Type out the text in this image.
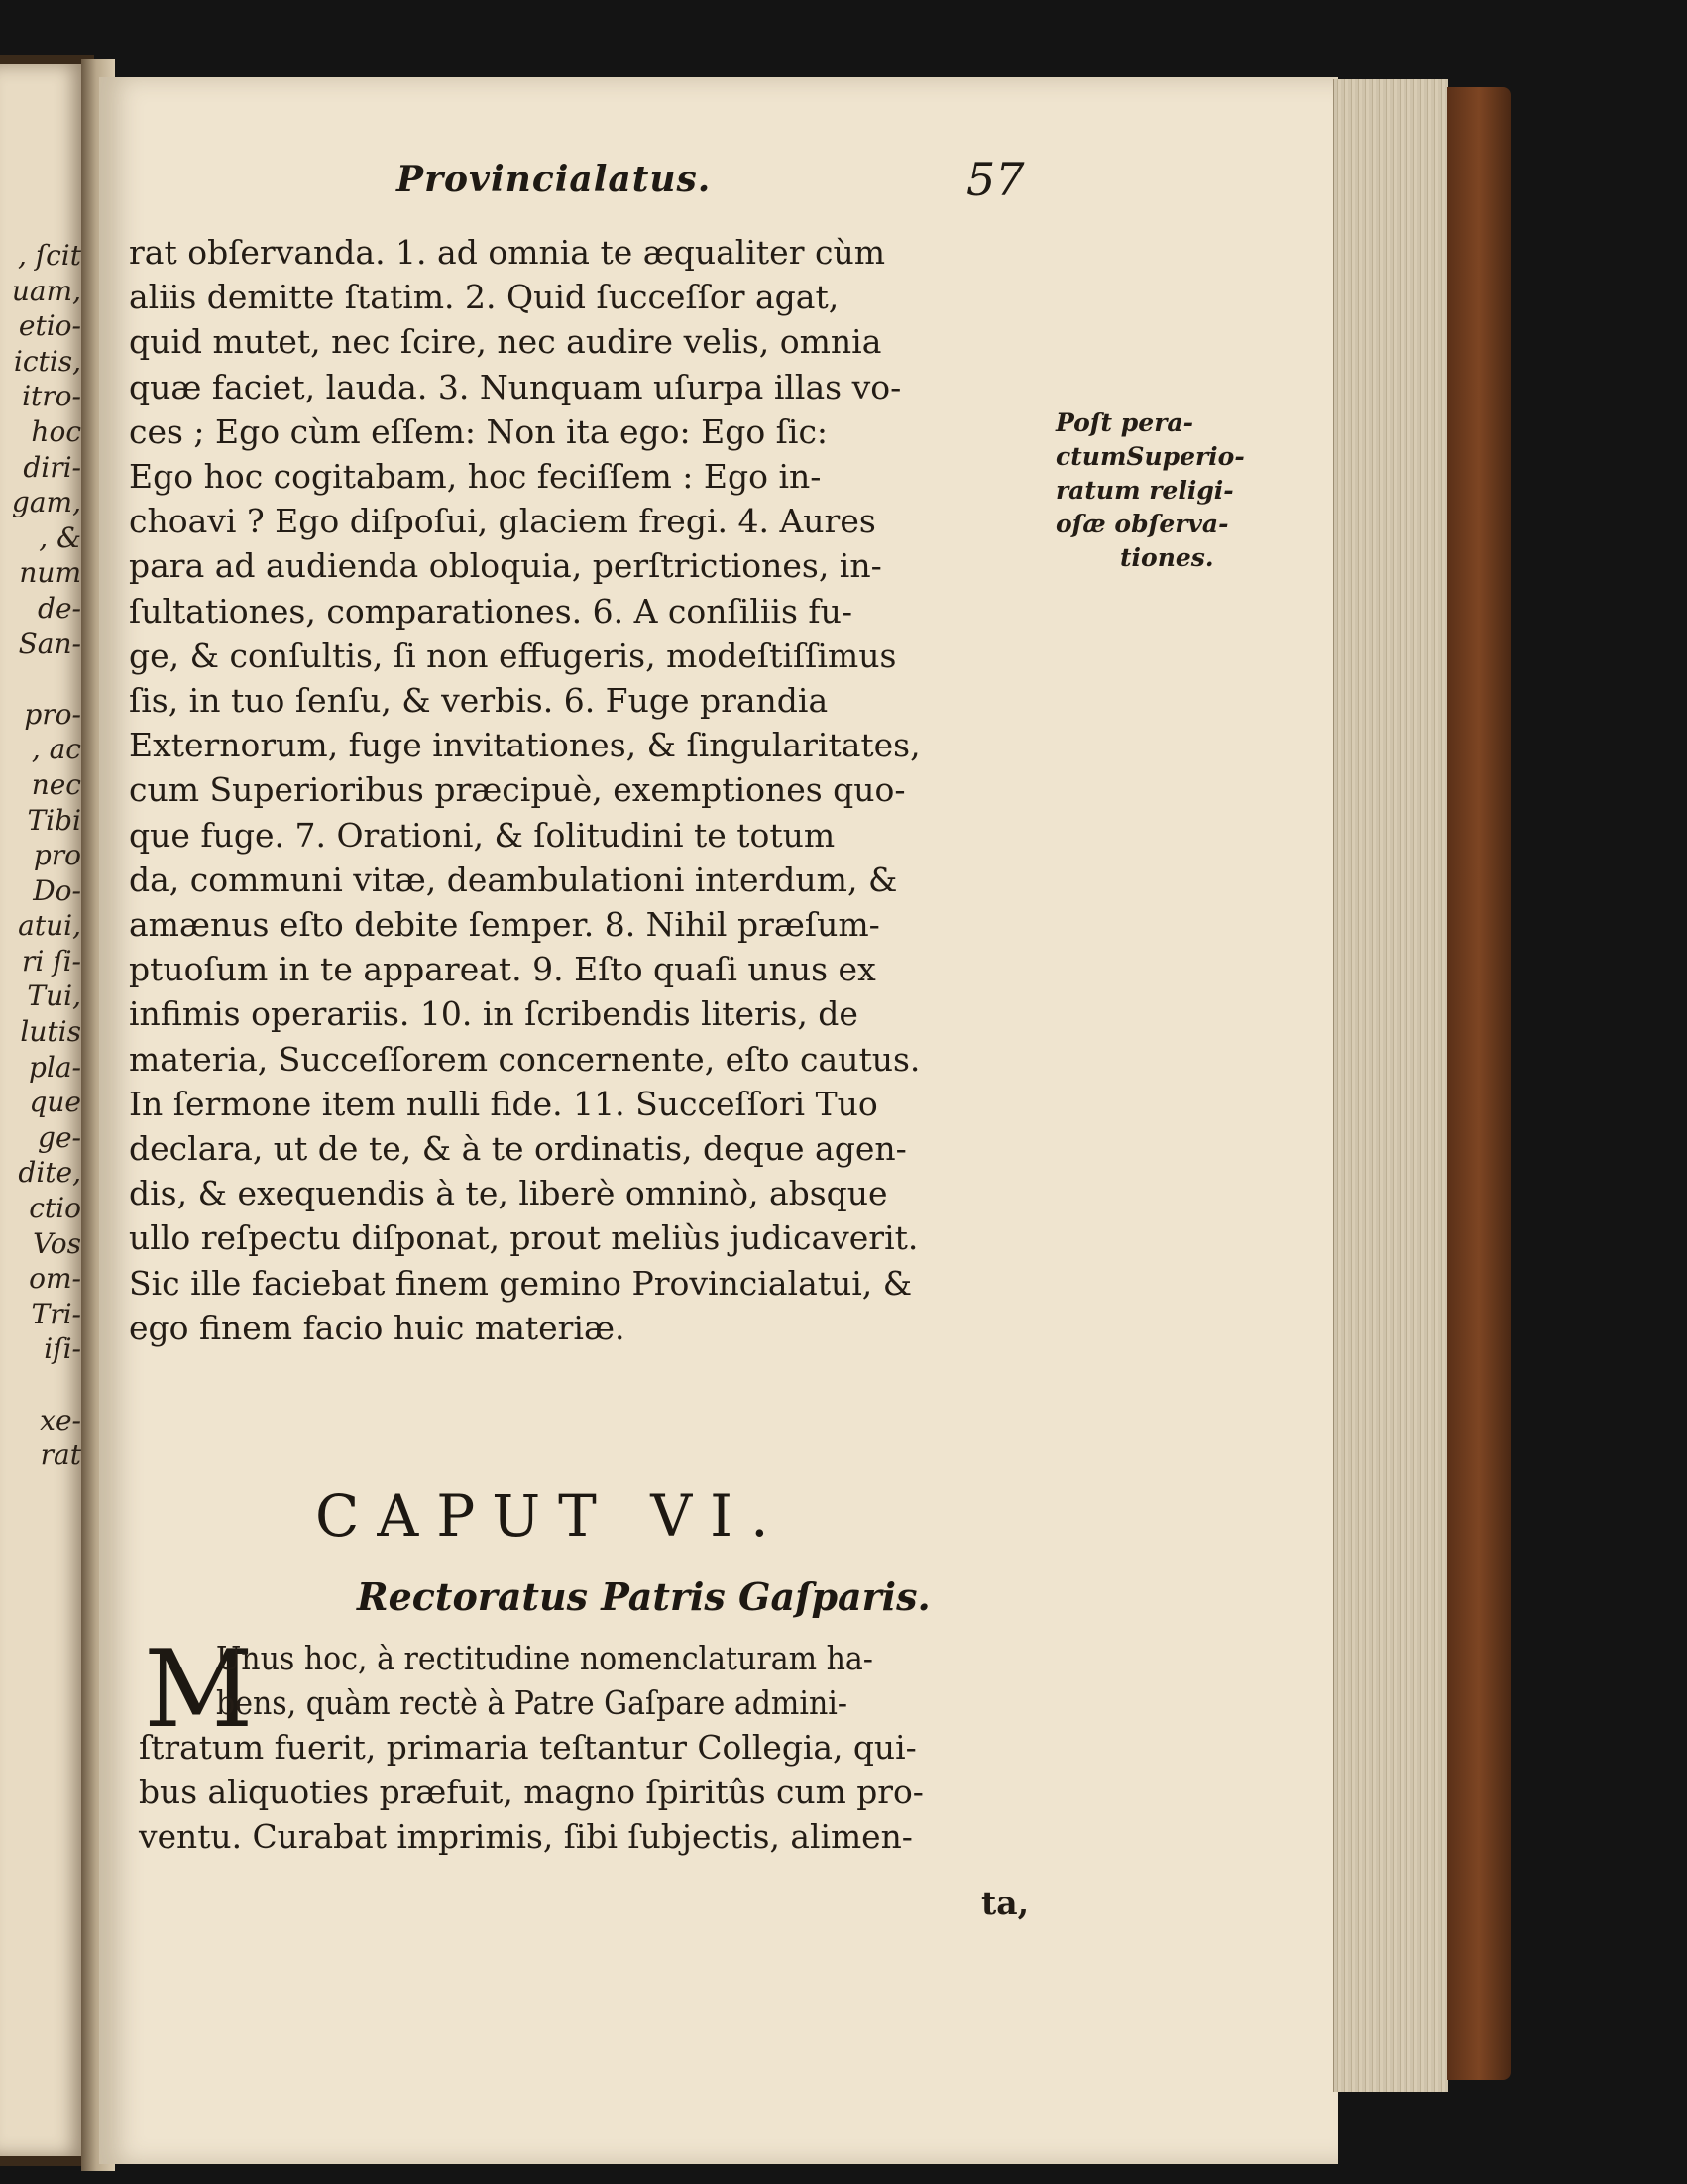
, ſcit
uam,
etio-
ictis,
itro-
hoc
diri-
gam,
, &
num
de-
San-

pro-
, ac
nec
Tibi
pro
Do-
atui,
ri ſi-
Tui,
lutis
pla-
que
ge-
dite,
ctio
Vos
om-
Tri-
iſi-

xe-
rat
Provincialatus.	57
rat obſervanda. 1. ad omnia te æqualiter cùm
aliis demitte ſtatim. 2. Quid ſucceſſor agat,
quid mutet, nec ſcire, nec audire velis, omnia
quæ faciet, lauda. 3. Nunquam uſurpa illas vo-
ces ; Ego cùm eſſem: Non ita ego: Ego ſic:
Ego hoc cogitabam, hoc feciſſem : Ego in-
choavi ? Ego diſpoſui, glaciem fregi. 4. Aures
para ad audienda obloquia, perſtrictiones, in-
ſultationes, comparationes. 6. A conſiliis fu-
ge, & conſultis, ſi non effugeris, modeſtiſſimus
ſis, in tuo ſenſu, & verbis. 6. Fuge prandia
Externorum, fuge invitationes, & ſingularitates,
cum Superioribus præcipuè, exemptiones quo-
que fuge. 7. Orationi, & ſolitudini te totum
da, communi vitæ, deambulationi interdum, &
amænus eſto debite ſemper. 8. Nihil præſum-
ptuoſum in te appareat. 9. Eſto quaſi unus ex
infimis operariis. 10. in ſcribendis literis, de
materia, Succeſſorem concernente, eſto cautus.
In ſermone item nulli fide. 11. Succeſſori Tuo
declara, ut de te, & à te ordinatis, deque agen-
dis, & exequendis à te, liberè omninò, absque
ullo reſpectu diſponat, prout meliùs judicaverit.
Sic ille faciebat finem gemino Provincialatui, &
ego finem facio huic materiæ.
Poſt pera-
ctumSuperio-
ratum religi-
oſæ obſerva-
tiones.
CAPUT VI.
Rectoratus Patris Gaſparis.
M
Unus hoc, à rectitudine nomenclaturam ha-
bens, quàm rectè à Patre Gaſpare admini-
ſtratum fuerit, primaria teſtantur Collegia, qui-
bus aliquoties præfuit, magno ſpiritûs cum pro-
ventu. Curabat imprimis, ſibi ſubjectis, alimen-
ta,
